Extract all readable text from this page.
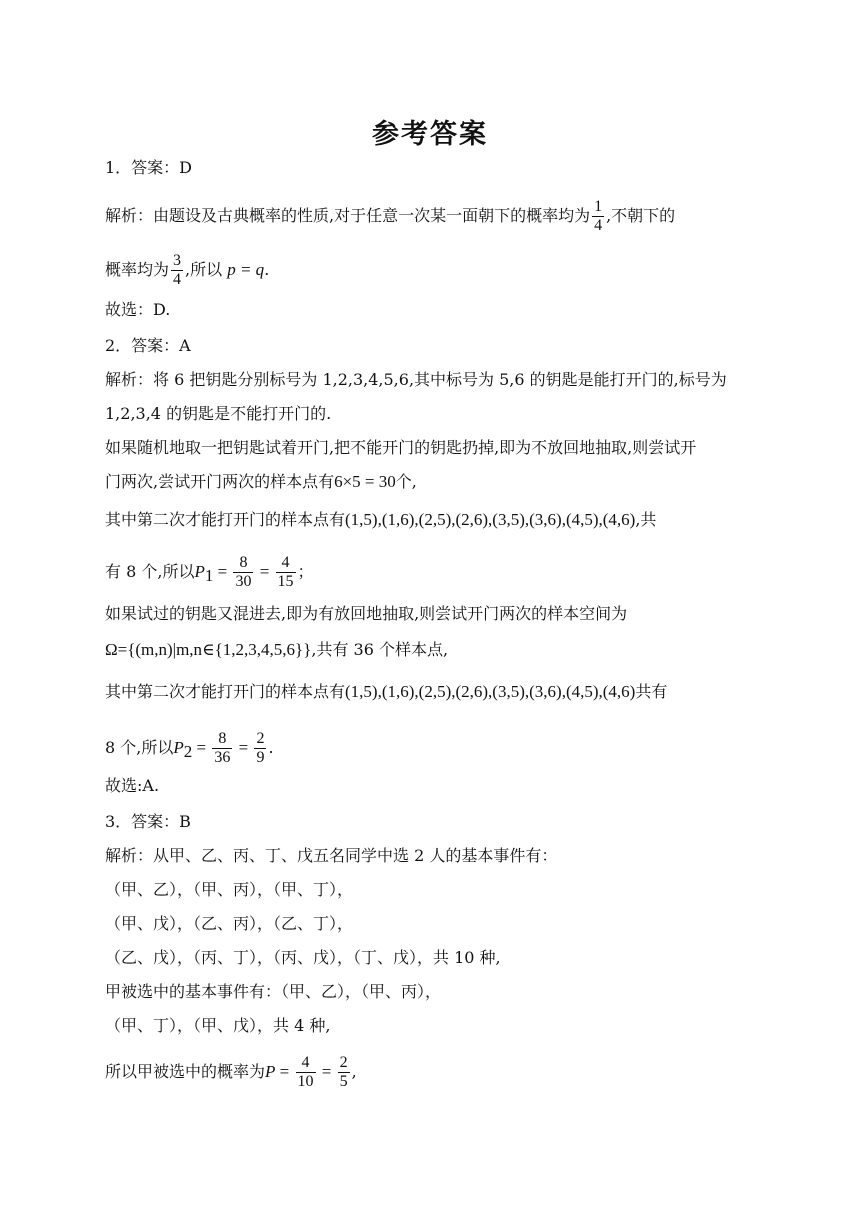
参考答案
1．答案：D
解析：由题设及古典概率的性质,对于任意一次某一面朝下的概率均为 $\frac{1}{4}$ ,不朝下的
概率均为 $\frac{3}{4}$ ,所以 p = q.
故选：D.
2．答案：A
解析：将 6 把钥匙分别标号为 1,2,3,4,5,6,其中标号为 5,6 的钥匙是能打开门的,标号为
1,2,3,4 的钥匙是不能打开门的.
如果随机地取一把钥匙试着开门,把不能开门的钥匙扔掉,即为不放回地抽取,则尝试开
门两次,尝试开门两次的样本点有6×5 = 30个,
其中第二次才能打开门的样本点有(1,5),(1,6),(2,5),(2,6),(3,5),(3,6),(4,5),(4,6),共
有 8 个,所以$P_1 = \frac{8}{30} = \frac{4}{15}$ ；
如果试过的钥匙又混进去,即为有放回地抽取,则尝试开门两次的样本空间为
Ω={(m,n)|m,n∈{1,2,3,4,5,6}},共有 36 个样本点,
其中第二次才能打开门的样本点有(1,5),(1,6),(2,5),(2,6),(3,5),(3,6),(4,5),(4,6)共有
8 个,所以$P_2 = \frac{8}{36} = \frac{2}{9}$ .
故选:A.
3．答案：B
解析：从甲、乙、丙、丁、戊五名同学中选 2 人的基本事件有：
（甲、乙），（甲、丙），（甲、丁），
（甲、戊），（乙、丙），（乙、丁），
（乙、戊），（丙、丁），（丙、戊），（丁、戊），共 10 种,
甲被选中的基本事件有：（甲、乙），（甲、丙），
（甲、丁），（甲、戊），共 4 种,
所以甲被选中的概率为$P = \frac{4}{10} = \frac{2}{5}$ ,
